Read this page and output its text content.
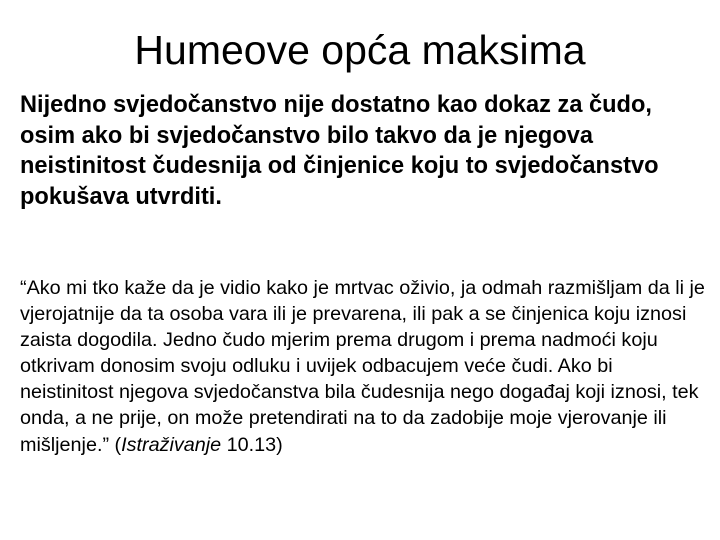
Humeove opća maksima

Nijedno svjedočanstvo nije dostatno kao dokaz za čudo, osim ako bi svjedočanstvo bilo takvo da je njegova neistinitost čudesnija od činjenice koju to svjedočanstvo pokušava utvrditi.

“Ako mi tko kaže da je vidio kako je mrtvac oživio, ja odmah razmišljam da li je vjerojatnije da ta osoba vara ili je prevarena, ili pak a se činjenica koju iznosi zaista dogodila. Jedno čudo mjerim prema drugom i prema nadmoći koju otkrivam donosim svoju odluku i uvijek odbacujem veće čudi. Ako bi neistinitost njegova svjedočanstva bila čudesnija nego događaj koji iznosi, tek onda, a ne prije, on može pretendirati na to da zadobije moje vjerovanje ili mišljenje.” (Istraživanje 10.13)
